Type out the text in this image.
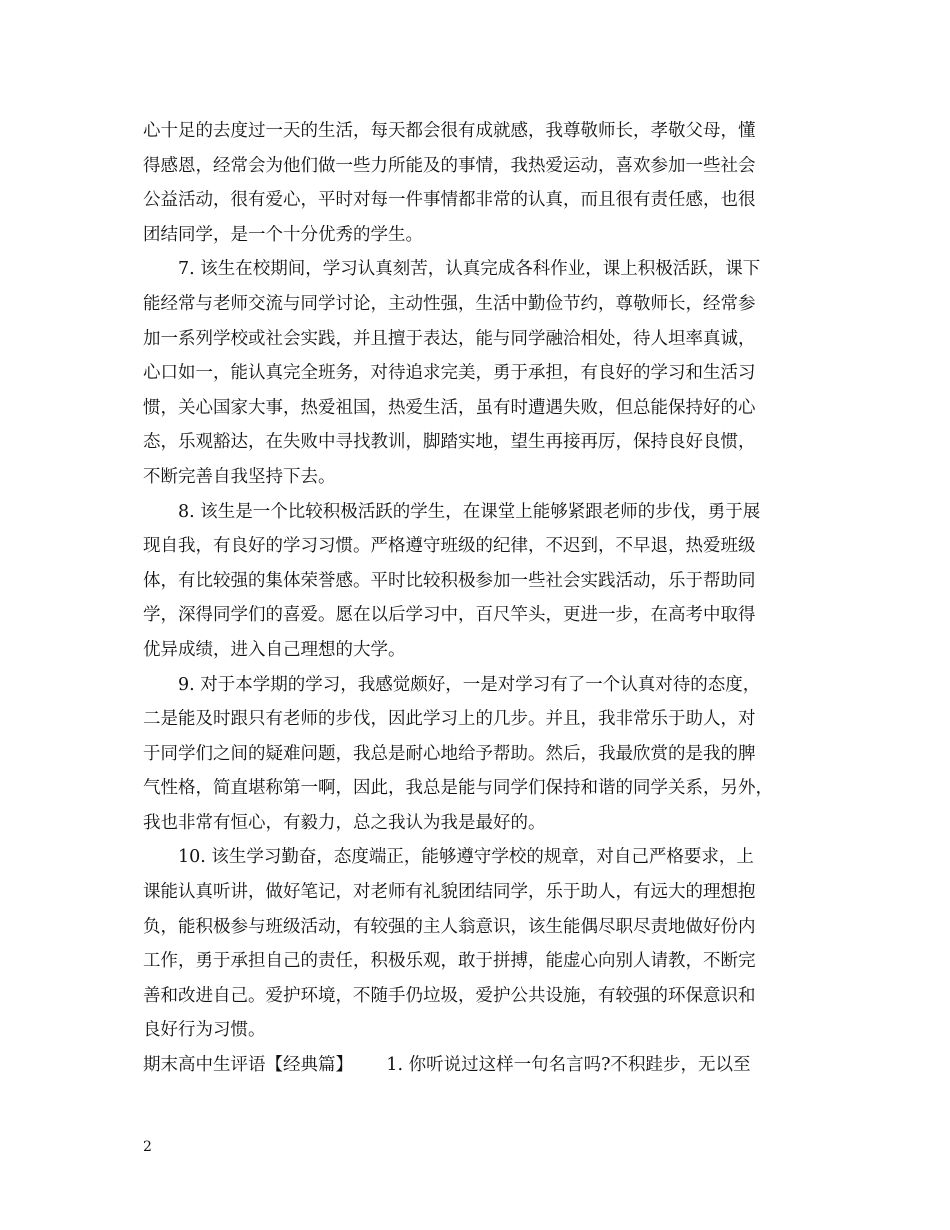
心十足的去度过一天的生活，每天都会很有成就感，我尊敬师长，孝敬父母，懂
得感恩，经常会为他们做一些力所能及的事情，我热爱运动，喜欢参加一些社会
公益活动，很有爱心，平时对每一件事情都非常的认真，而且很有责任感，也很
团结同学，是一个十分优秀的学生。

7. 该生在校期间，学习认真刻苦，认真完成各科作业，课上积极活跃，课下
能经常与老师交流与同学讨论，主动性强，生活中勤俭节约，尊敬师长，经常参
加一系列学校或社会实践，并且擅于表达，能与同学融洽相处，待人坦率真诚，
心口如一，能认真完全班务，对待追求完美，勇于承担，有良好的学习和生活习
惯，关心国家大事，热爱祖国，热爱生活，虽有时遭遇失败，但总能保持好的心
态，乐观豁达，在失败中寻找教训，脚踏实地，望生再接再厉，保持良好良惯，
不断完善自我坚持下去。

8. 该生是一个比较积极活跃的学生，在课堂上能够紧跟老师的步伐，勇于展
现自我，有良好的学习习惯。严格遵守班级的纪律，不迟到，不早退，热爱班级
体，有比较强的集体荣誉感。平时比较积极参加一些社会实践活动，乐于帮助同
学，深得同学们的喜爱。愿在以后学习中，百尺竿头，更进一步，在高考中取得
优异成绩，进入自己理想的大学。

9. 对于本学期的学习，我感觉颇好，一是对学习有了一个认真对待的态度，
二是能及时跟只有老师的步伐，因此学习上的几步。并且，我非常乐于助人，对
于同学们之间的疑难问题，我总是耐心地给予帮助。然后，我最欣赏的是我的脾
气性格，简直堪称第一啊，因此，我总是能与同学们保持和谐的同学关系，另外，
我也非常有恒心，有毅力，总之我认为我是最好的。

10. 该生学习勤奋，态度端正，能够遵守学校的规章，对自己严格要求，上
课能认真听讲，做好笔记，对老师有礼貌团结同学，乐于助人，有远大的理想抱
负，能积极参与班级活动，有较强的主人翁意识，该生能偶尽职尽责地做好份内
工作，勇于承担自己的责任，积极乐观，敢于拼搏，能虚心向别人请教，不断完
善和改进自己。爱护环境，不随手仍垃圾，爱护公共设施，有较强的环保意识和
良好行为习惯。

期末高中生评语【经典篇】 1. 你听说过这样一句名言吗?不积跬步，无以至

2
